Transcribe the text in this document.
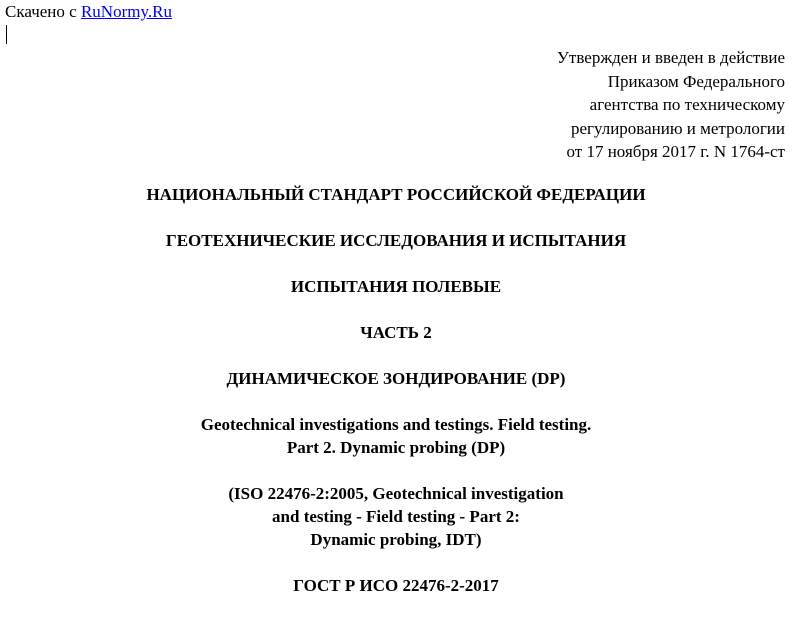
Скачено с RuNormy.Ru
Утвержден и введен в действие
Приказом Федерального
агентства по техническому
регулированию и метрологии
от 17 ноября 2017 г. N 1764-ст
НАЦИОНАЛЬНЫЙ СТАНДАРТ РОССИЙСКОЙ ФЕДЕРАЦИИ
ГЕОТЕХНИЧЕСКИЕ ИССЛЕДОВАНИЯ И ИСПЫТАНИЯ
ИСПЫТАНИЯ ПОЛЕВЫЕ
ЧАСТЬ 2
ДИНАМИЧЕСКОЕ ЗОНДИРОВАНИЕ (DP)
Geotechnical investigations and testings. Field testing.
Part 2. Dynamic probing (DP)
(ISO 22476-2:2005, Geotechnical investigation
and testing - Field testing - Part 2:
Dynamic probing, IDT)
ГОСТ Р ИСО 22476-2-2017
